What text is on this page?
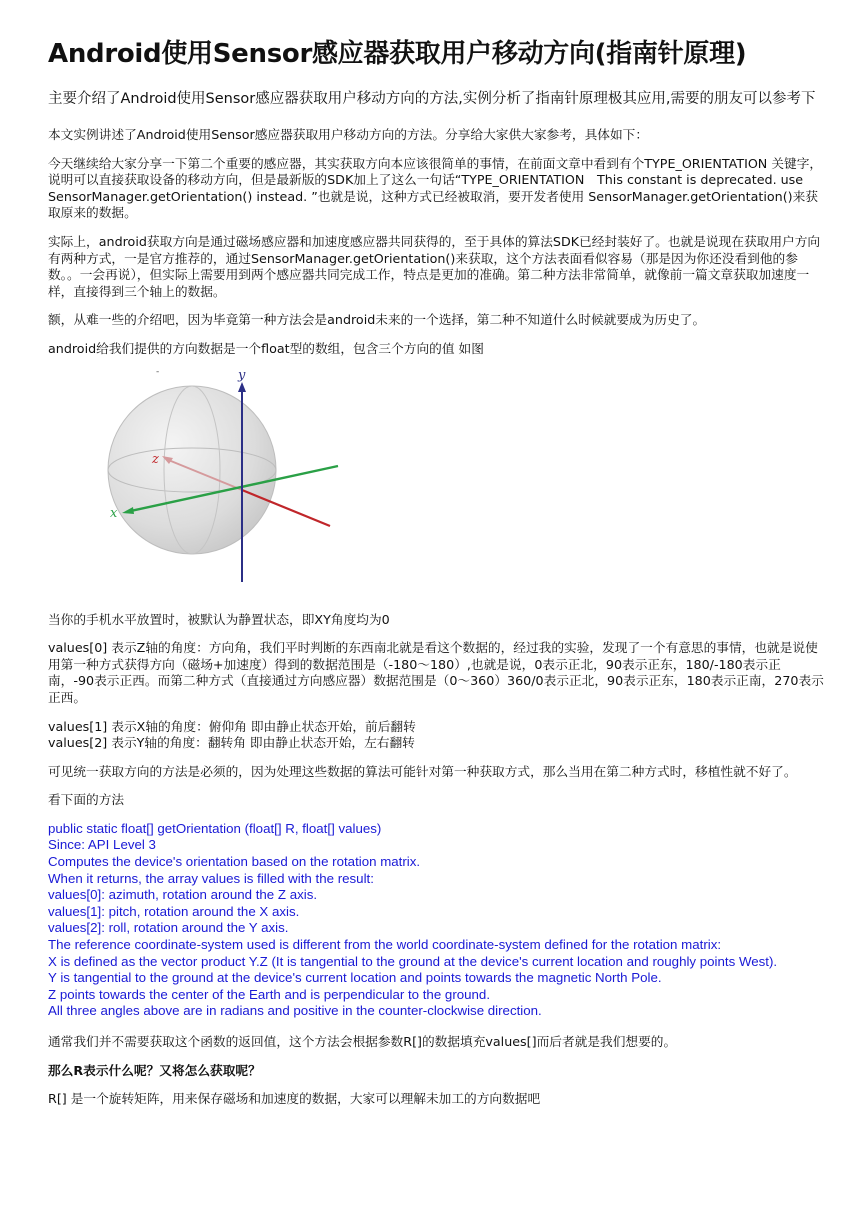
Android使用Sensor感应器获取用户移动方向(指南针原理)
主要介绍了Android使用Sensor感应器获取用户移动方向的方法,实例分析了指南针原理极其应用,需要的朋友可以参考下

本文实例讲述了Android使用Sensor感应器获取用户移动方向的方法。分享给大家供大家参考，具体如下：

今天继续给大家分享一下第二个重要的感应器，其实获取方向本应该很简单的事情，在前面文章中看到有个TYPE_ORIENTATION 关键字，说明可以直接获取设备的移动方向，但是最新版的SDK加上了这么一句话“TYPE_ORIENTATION　This constant is deprecated. use SensorManager.getOrientation() instead. ”也就是说，这种方式已经被取消，要开发者使用 SensorManager.getOrientation()来获取原来的数据。

实际上，android获取方向是通过磁场感应器和加速度感应器共同获得的，至于具体的算法SDK已经封装好了。也就是说现在获取用户方向有两种方式，一是官方推荐的，通过SensorManager.getOrientation()来获取，这个方法表面看似容易（那是因为你还没看到他的参数。。一会再说），但实际上需要用到两个感应器共同完成工作，特点是更加的准确。第二种方法非常简单，就像前一篇文章获取加速度一样，直接得到三个轴上的数据。

额，从难一些的介绍吧，因为毕竟第一种方法会是android未来的一个选择，第二种不知道什么时候就要成为历史了。

android给我们提供的方向数据是一个float型的数组，包含三个方向的值 如图

-
z
x
y

当你的手机水平放置时，被默认为静置状态，即XY角度均为0

values[0] 表示Z轴的角度：方向角，我们平时判断的东西南北就是看这个数据的，经过我的实验，发现了一个有意思的事情，也就是说使用第一种方式获得方向（磁场+加速度）得到的数据范围是（-180～180）,也就是说，0表示正北，90表示正东，180/-180表示正南，-90表示正西。而第二种方式（直接通过方向感应器）数据范围是（0～360）360/0表示正北，90表示正东，180表示正南，270表示正西。

values[1] 表示X轴的角度：俯仰角 即由静止状态开始，前后翻转
values[2] 表示Y轴的角度：翻转角 即由静止状态开始，左右翻转

可见统一获取方向的方法是必须的，因为处理这些数据的算法可能针对第一种获取方式，那么当用在第二种方式时，移植性就不好了。

看下面的方法

public static float[] getOrientation (float[] R, float[] values)
Since: API Level 3
Computes the device's orientation based on the rotation matrix.
When it returns, the array values is filled with the result:
values[0]: azimuth, rotation around the Z axis.
values[1]: pitch, rotation around the X axis.
values[2]: roll, rotation around the Y axis.
The reference coordinate-system used is different from the world coordinate-system defined for the rotation matrix:
X is defined as the vector product Y.Z (It is tangential to the ground at the device's current location and roughly points West).
Y is tangential to the ground at the device's current location and points towards the magnetic North Pole.
Z points towards the center of the Earth and is perpendicular to the ground.
All three angles above are in radians and positive in the counter-clockwise direction.

通常我们并不需要获取这个函数的返回值，这个方法会根据参数R[]的数据填充values[]而后者就是我们想要的。

那么R表示什么呢？又将怎么获取呢？

R[] 是一个旋转矩阵，用来保存磁场和加速度的数据，大家可以理解未加工的方向数据吧
